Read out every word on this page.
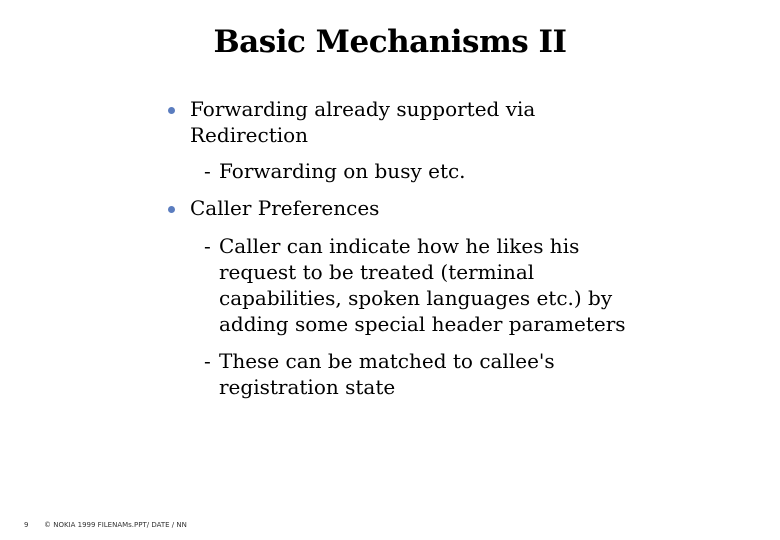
Basic Mechanisms II
Forwarding already supported via Redirection
- Forwarding on busy etc.
Caller Preferences
- Caller can indicate how he likes his request to be treated (terminal capabilities, spoken languages etc.) by adding some special header parameters
- These can be matched to callee's registration state
9 © NOKIA 1999 FILENAMs.PPT/ DATE / NN
